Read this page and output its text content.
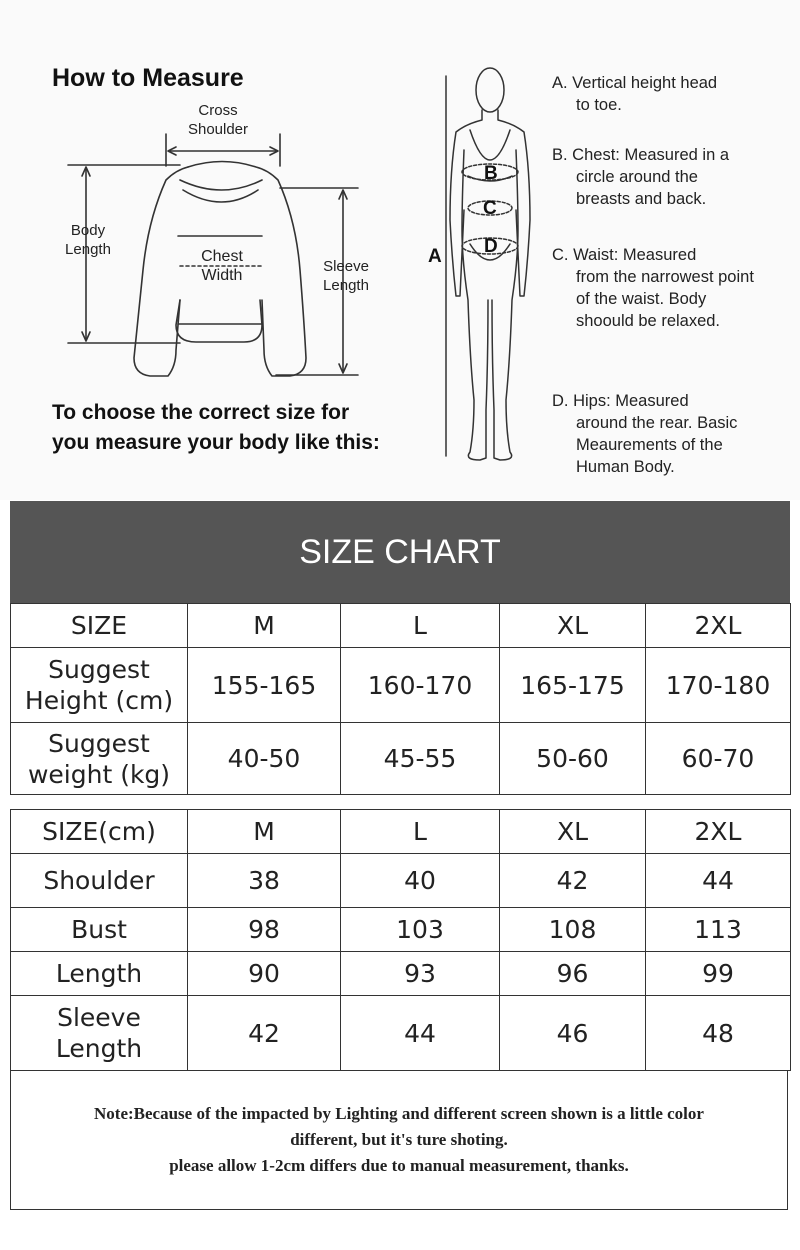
How to Measure
Cross
Shoulder
Body
Length	Chest
Width
Sleeve
Length
To choose the correct size for
you measure your body like this:
A
B
C
D
A. Vertical height head
to toe.
B. Chest: Measured in a
circle around the breasts and back.
C. Waist: Measured
from the narrowest point of the waist. Body shoould be relaxed.
D. Hips: Measured
around the rear. Basic Meaurements of the Human Body.
SIZE CHART
SIZE	M	L	XL	2XL
Suggest Height (cm)	155-165	160-170	165-175	170-180
Suggest weight (kg)	40-50	45-55	50-60	60-70
SIZE(cm)	M	L	XL	2XL
Shoulder	38	40	42	44
Bust	98	103	108	113
Length	90	93	96	99
Sleeve Length	42	44	46	48
Note:Because of the impacted by Lighting and different screen shown is a little color
different, but it's ture shoting.
please allow 1-2cm differs due to manual measurement, thanks.
